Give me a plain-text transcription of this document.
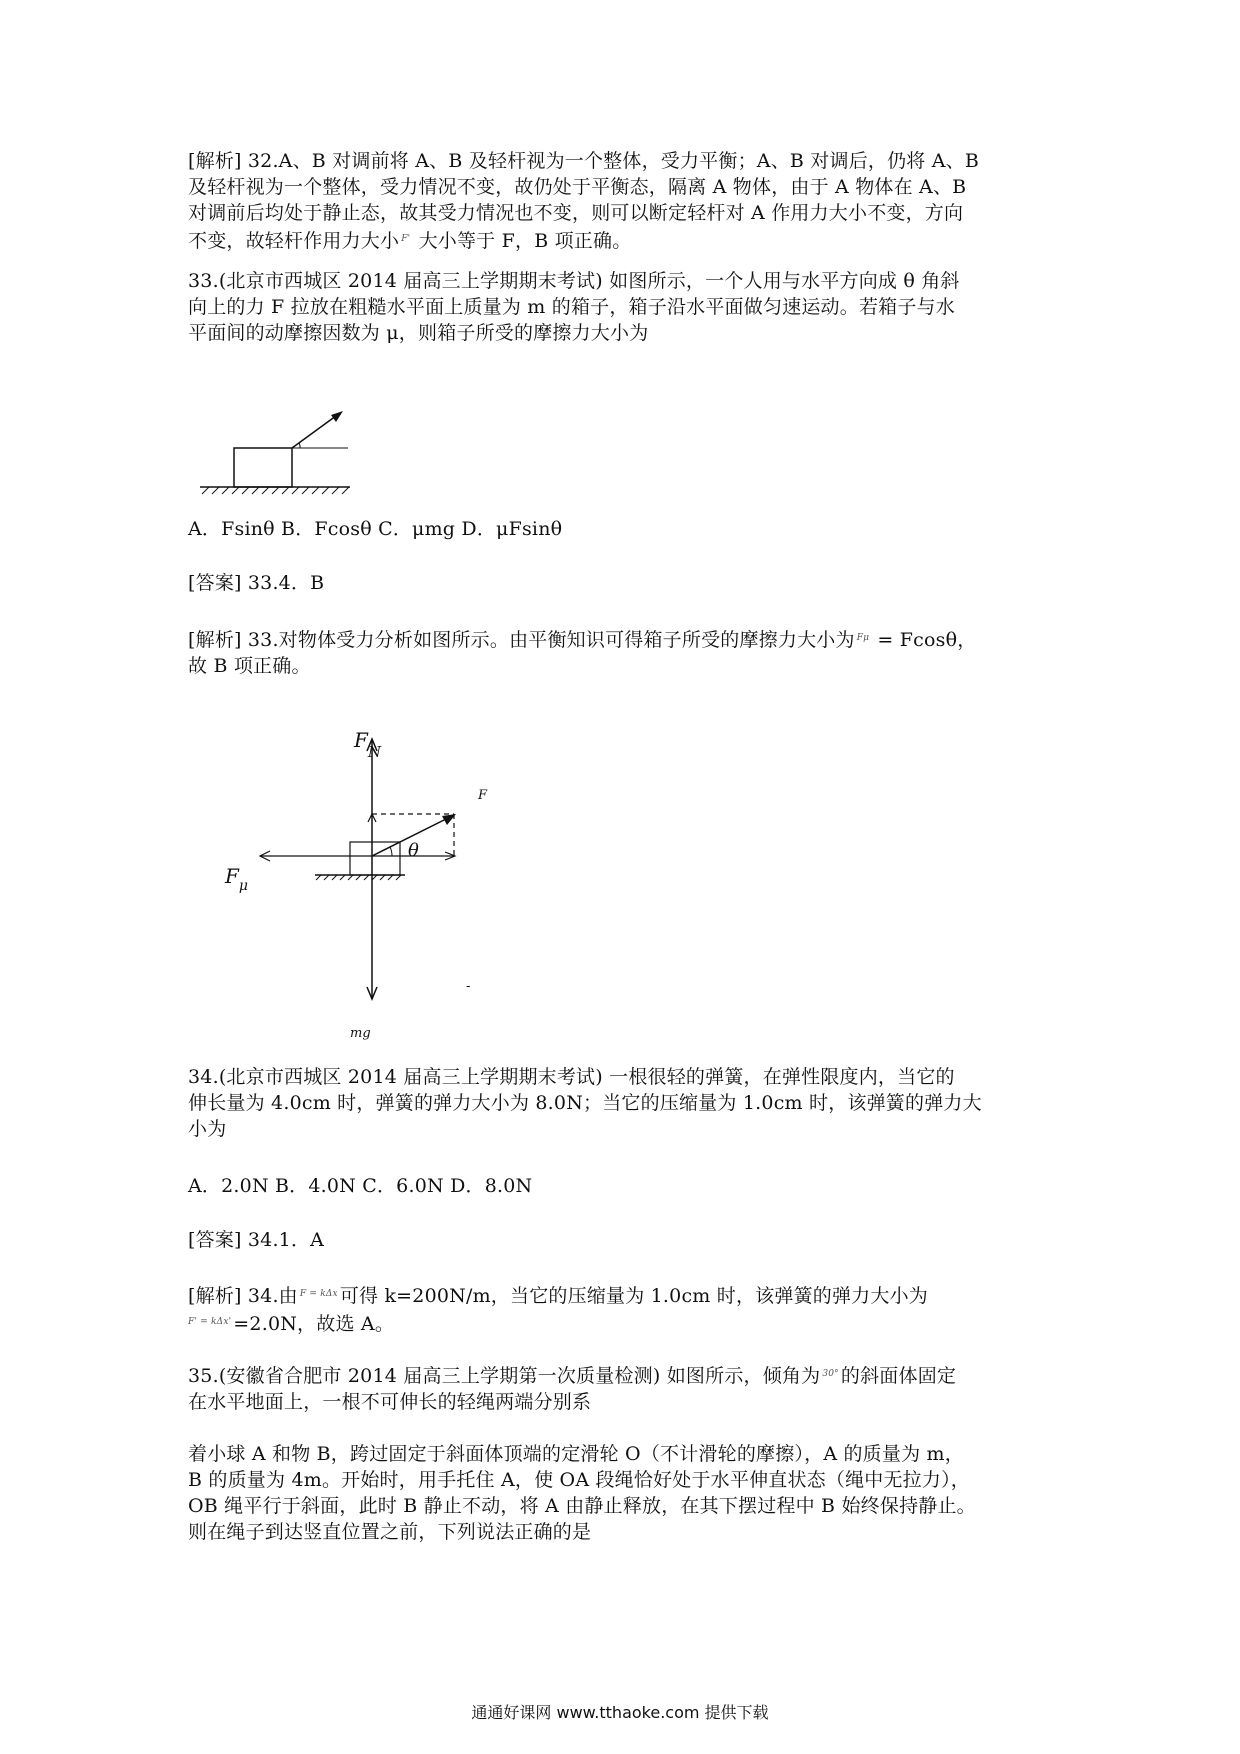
[解析] 32.A、B 对调前将 A、B 及轻杆视为一个整体，受力平衡；A、B 对调后，仍将 A、B
及轻杆视为一个整体，受力情况不变，故仍处于平衡态，隔离 A 物体，由于 A 物体在 A、B
对调前后均处于静止态，故其受力情况也不变，则可以断定轻杆对 A 作用力大小不变，方向
不变，故轻杆作用力大小 $^{F'}$ 大小等于 F，B 项正确。

33.(北京市西城区 2014 届高三上学期期末考试) 如图所示，一个人用与水平方向成 θ 角斜
向上的力 F 拉放在粗糙水平面上质量为 m 的箱子，箱子沿水平面做匀速运动。若箱子与水
平面间的动摩擦因数为 μ，则箱子所受的摩擦力大小为

A．Fsinθ B．Fcosθ C．μmg D．μFsinθ

[答案] 33.4．B

[解析] 33.对物体受力分析如图所示。由平衡知识可得箱子所受的摩擦力大小为 $^{F\mu}$ = Fcosθ，
故 B 项正确。

$F_N$
F
θ
$F_\mu$
mg
-

34.(北京市西城区 2014 届高三上学期期末考试) 一根很轻的弹簧，在弹性限度内，当它的
伸长量为 4.0cm 时，弹簧的弹力大小为 8.0N；当它的压缩量为 1.0cm 时，该弹簧的弹力大
小为

A．2.0N B．4.0N C．6.0N D．8.0N

[答案] 34.1．A

[解析] 34.由 $^{F = k\Delta x}$ 可得 k=200N/m，当它的压缩量为 1.0cm 时，该弹簧的弹力大小为
$^{F' = k\Delta x'}$ =2.0N，故选 A。

35.(安徽省合肥市 2014 届高三上学期第一次质量检测) 如图所示，倾角为 $^{30^\circ}$ 的斜面体固定
在水平地面上，一根不可伸长的轻绳两端分别系

着小球 A 和物 B，跨过固定于斜面体顶端的定滑轮 O（不计滑轮的摩擦），A 的质量为 m，
B 的质量为 4m。开始时，用手托住 A，使 OA 段绳恰好处于水平伸直状态（绳中无拉力），
OB 绳平行于斜面，此时 B 静止不动，将 A 由静止释放，在其下摆过程中 B 始终保持静止。
则在绳子到达竖直位置之前，下列说法正确的是

通通好课网 www.tthaoke.com 提供下载
